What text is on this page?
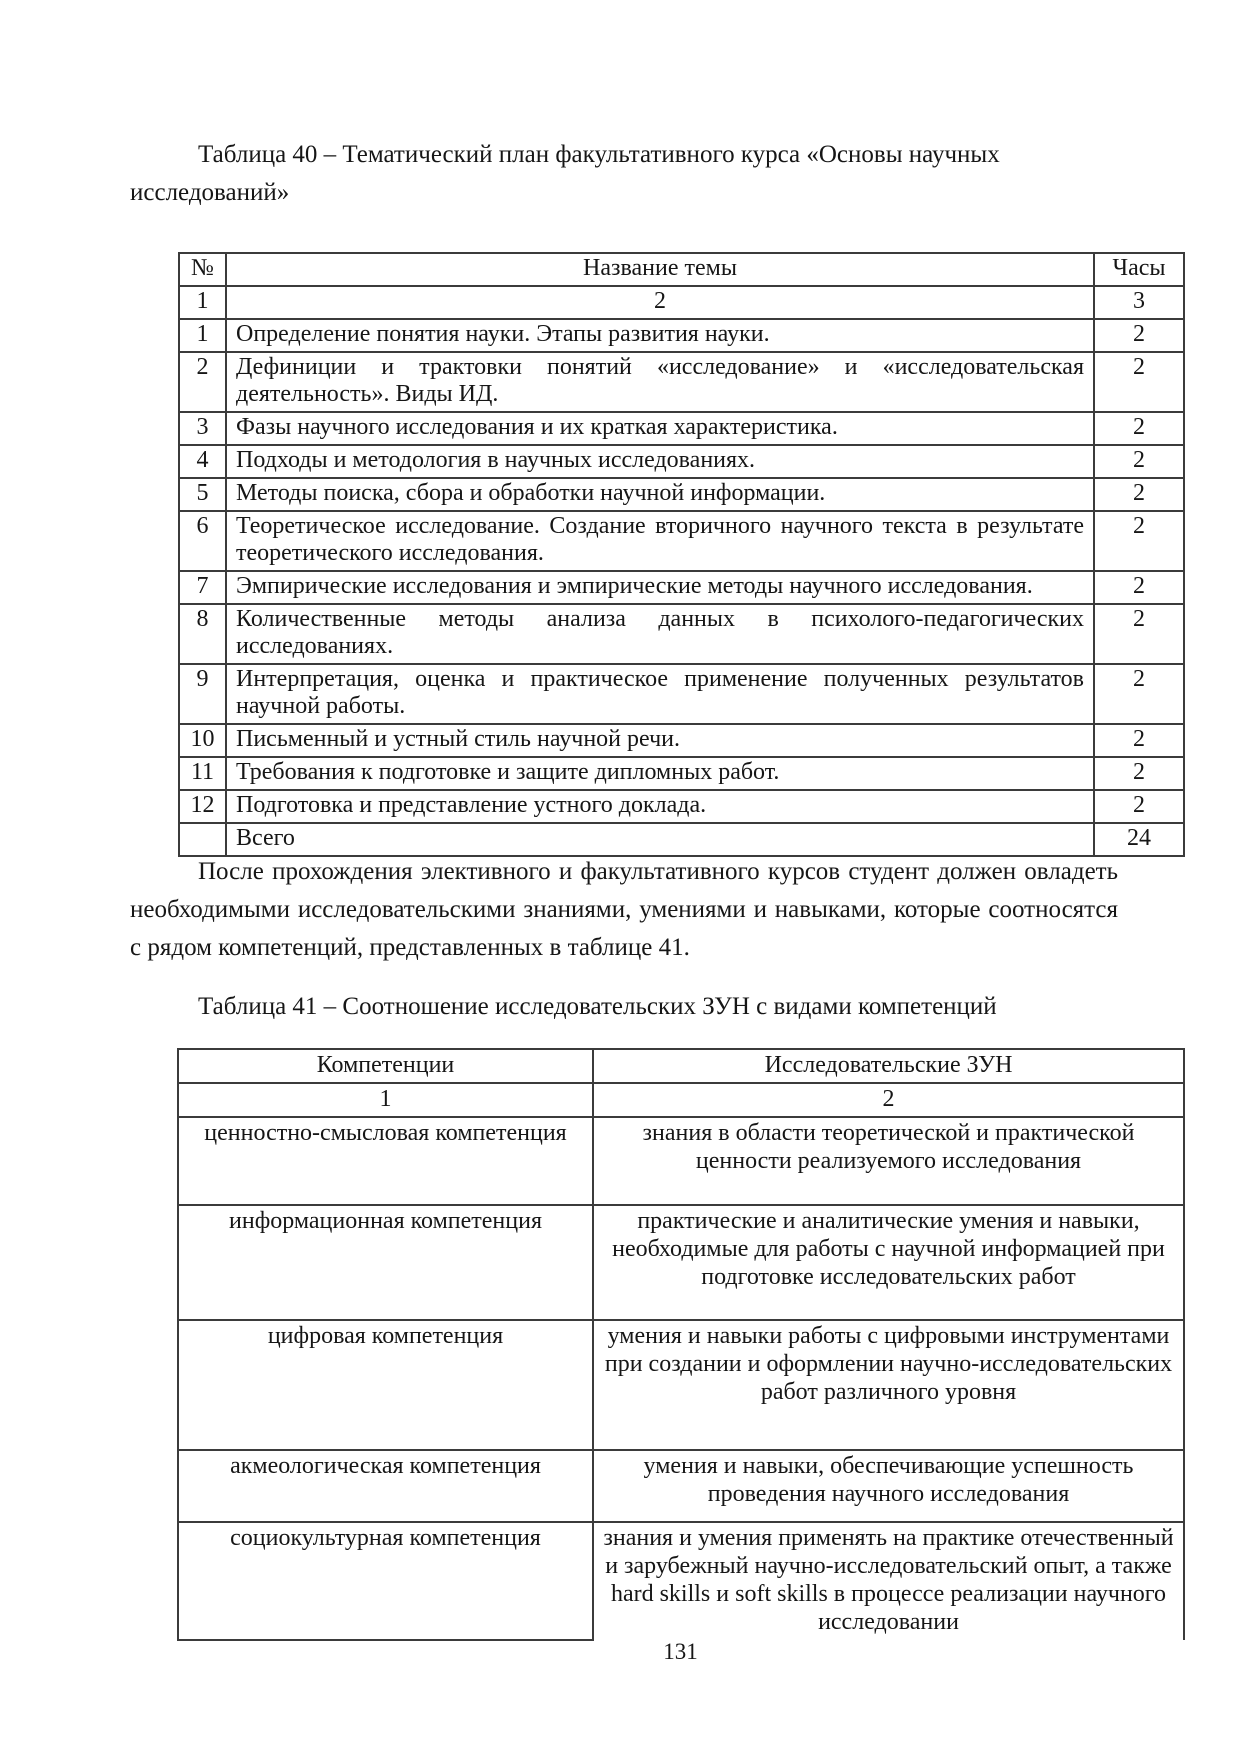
Таблица 40 – Тематический план факультативного курса «Основы научных исследований»
№	Название темы	Часы
1	2	3
1	Определение понятия науки. Этапы развития науки.	2
2	Дефиниции и трактовки понятий «исследование» и «исследовательская деятельность». Виды ИД.	2
3	Фазы научного исследования и их краткая характеристика.	2
4	Подходы и методология в научных исследованиях.	2
5	Методы поиска, сбора и обработки научной информации.	2
6	Теоретическое исследование. Создание вторичного научного текста в результате теоретического исследования.	2
7	Эмпирические исследования и эмпирические методы научного исследования.	2
8	Количественные методы анализа данных в психолого-педагогических исследованиях.	2
9	Интерпретация, оценка и практическое применение полученных результатов научной работы.	2
10	Письменный и устный стиль научной речи.	2
11	Требования к подготовке и защите дипломных работ.	2
12	Подготовка и представление устного доклада.	2
	Всего	24
После прохождения элективного и факультативного курсов студент должен овладеть необходимыми исследовательскими знаниями, умениями и навыками, которые соотносятся с рядом компетенций, представленных в таблице 41.
Таблица 41 – Соотношение исследовательских ЗУН с видами компетенций
Компетенции	Исследовательские ЗУН
1	2
ценностно-смысловая компетенция	знания в области теоретической и практической ценности реализуемого исследования
информационная компетенция	практические и аналитические умения и навыки, необходимые для работы с научной информацией при подготовке исследовательских работ
цифровая компетенция	умения и навыки работы с цифровыми инструментами при создании и оформлении научно-исследовательских работ различного уровня
акмеологическая компетенция	умения и навыки, обеспечивающие успешность проведения научного исследования
социокультурная компетенция	знания и умения применять на практике отечественный и зарубежный научно-исследовательский опыт, а также hard skills и soft skills в процессе реализации научного исследовании
131
